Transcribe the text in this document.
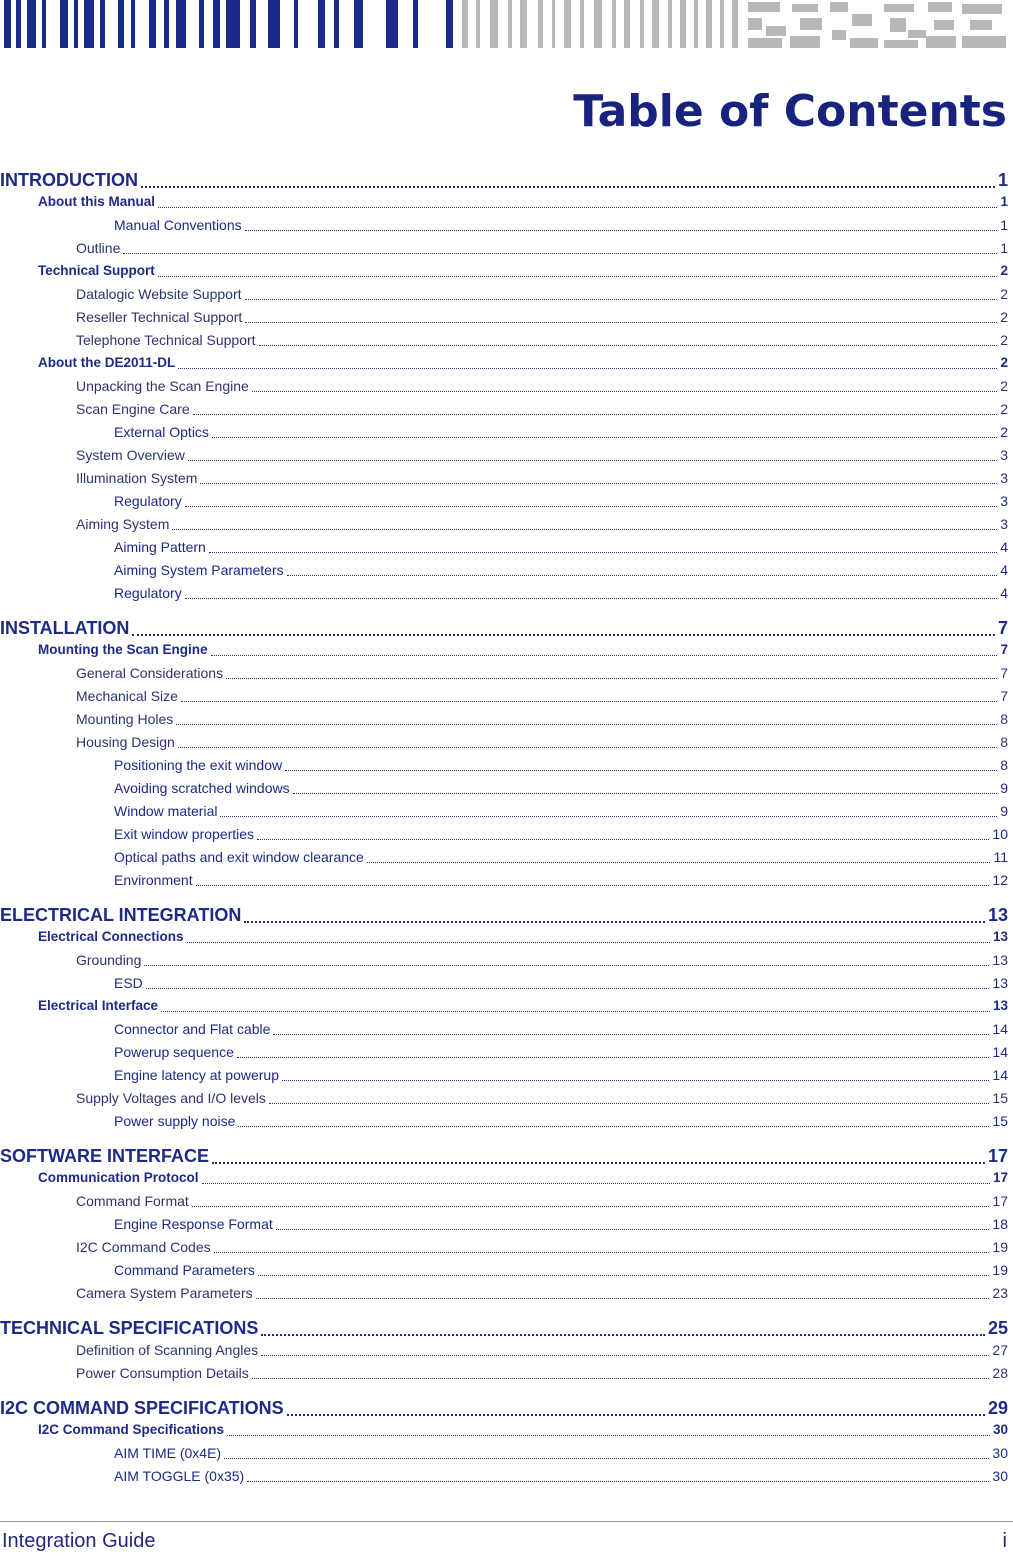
Table of Contents
INTRODUCTION	1
About this Manual	1
Manual Conventions	1
Outline	1
Technical Support	2
Datalogic Website Support	2
Reseller Technical Support	2
Telephone Technical Support	2
About the DE2011-DL	2
Unpacking the Scan Engine	2
Scan Engine Care	2
External Optics	2
System Overview	3
Illumination System	3
Regulatory	3
Aiming System	3
Aiming Pattern	4
Aiming System Parameters	4
Regulatory	4
INSTALLATION	7
Mounting the Scan Engine	7
General Considerations	7
Mechanical Size	7
Mounting Holes	8
Housing Design	8
Positioning the exit window	8
Avoiding scratched windows	9
Window material	9
Exit window properties	10
Optical paths and exit window clearance	11
Environment	12
ELECTRICAL INTEGRATION	13
Electrical Connections	13
Grounding	13
ESD	13
Electrical Interface	13
Connector and Flat cable	14
Powerup sequence	14
Engine latency at powerup	14
Supply Voltages and I/O levels	15
Power supply noise	15
SOFTWARE INTERFACE	17
Communication Protocol	17
Command Format	17
Engine Response Format	18
I2C Command Codes	19
Command Parameters	19
Camera System Parameters	23
TECHNICAL SPECIFICATIONS	25
Definition of Scanning Angles	27
Power Consumption Details	28
I2C COMMAND SPECIFICATIONS	29
I2C Command Specifications	30
AIM TIME (0x4E)	30
AIM TOGGLE (0x35)	30
Integration Guide	i
